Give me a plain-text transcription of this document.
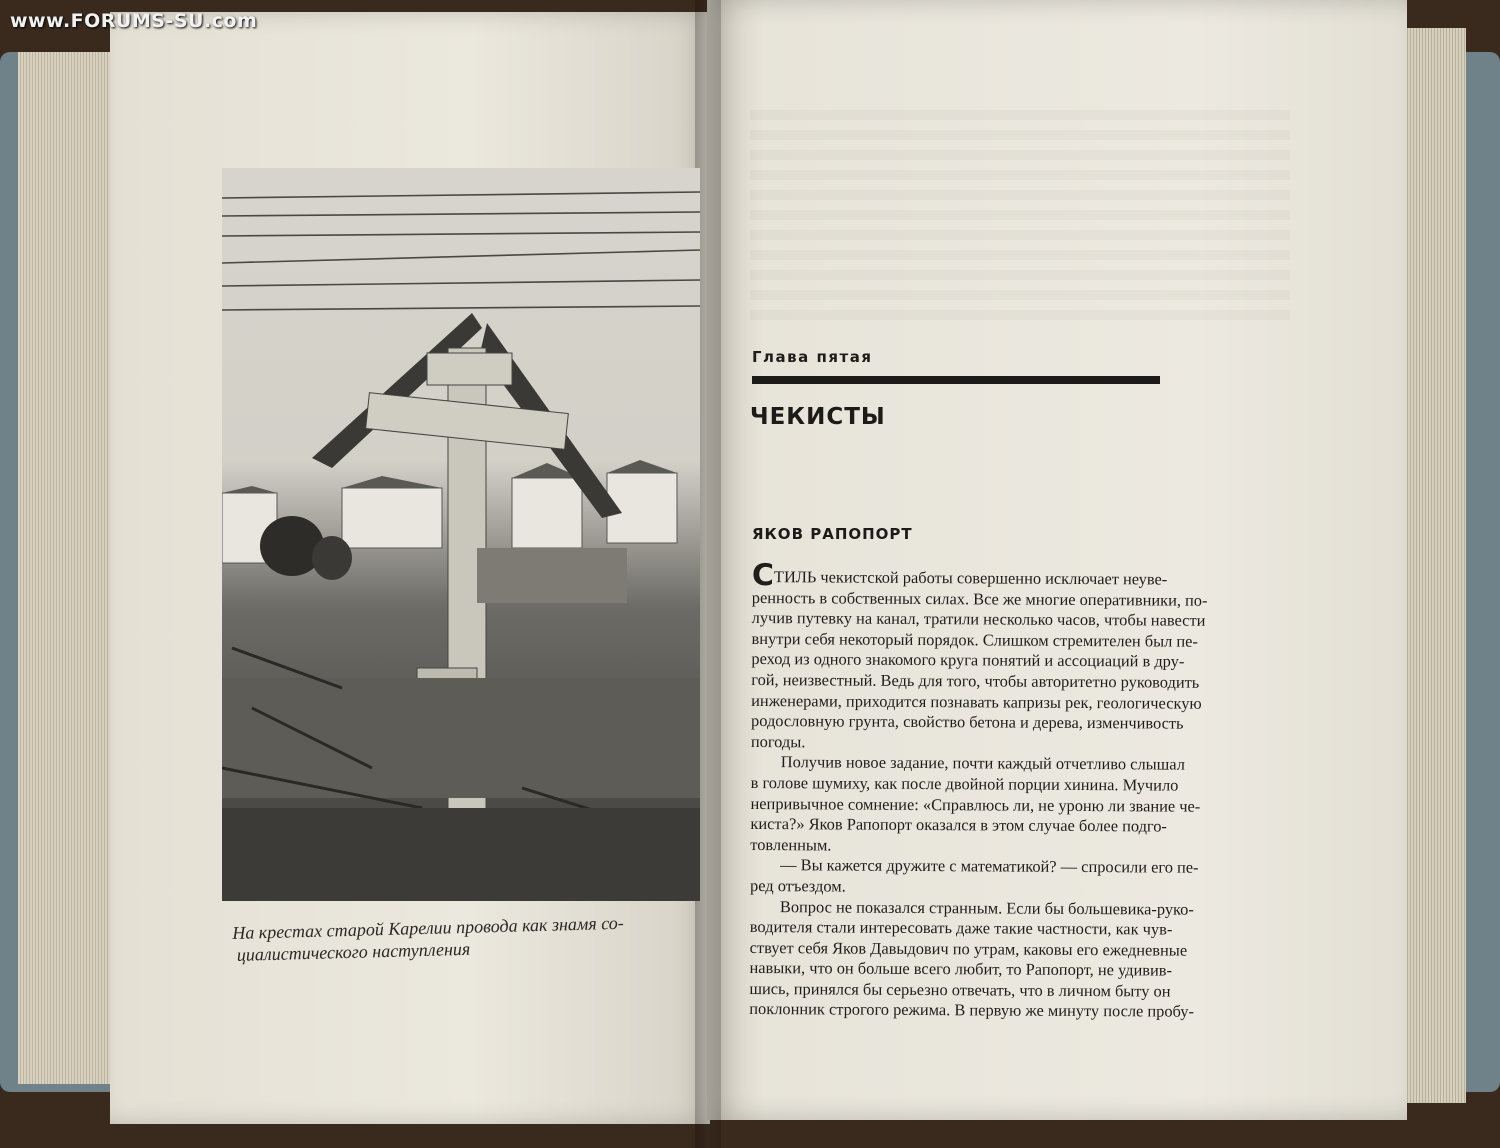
www.FORUMS-SU.com
На крестах старой Карелии провода как знамя со-
циалистического наступления
Глава пятая
ЧЕКИСТЫ
ЯКОВ РАПОПОРТ
СТИЛЬ чекистской работы совершенно исключает неуве-
ренность в собственных силах. Все же многие оперативники, по-
лучив путевку на канал, тратили несколько часов, чтобы навести
внутри себя некоторый порядок. Слишком стремителен был пе-
реход из одного знакомого круга понятий и ассоциаций в дру-
гой, неизвестный. Ведь для того, чтобы авторитетно руководить
инженерами, приходится познавать капризы рек, геологическую
родословную грунта, свойство бетона и дерева, изменчивость
погоды.
Получив новое задание, почти каждый отчетливо слышал
в голове шумиху, как после двойной порции хинина. Мучило
непривычное сомнение: «Справлюсь ли, не уроню ли звание че-
киста?» Яков Рапопорт оказался в этом случае более подго-
товленным.
— Вы кажется дружите с математикой? — спросили его пе-
ред отъездом.
Вопрос не показался странным. Если бы большевика-руко-
водителя стали интересовать даже такие частности, как чув-
ствует себя Яков Давыдович по утрам, каковы его ежедневные
навыки, что он больше всего любит, то Рапопорт, не удивив-
шись, принялся бы серьезно отвечать, что в личном быту он
поклонник строгого режима. В первую же минуту после пробу-
